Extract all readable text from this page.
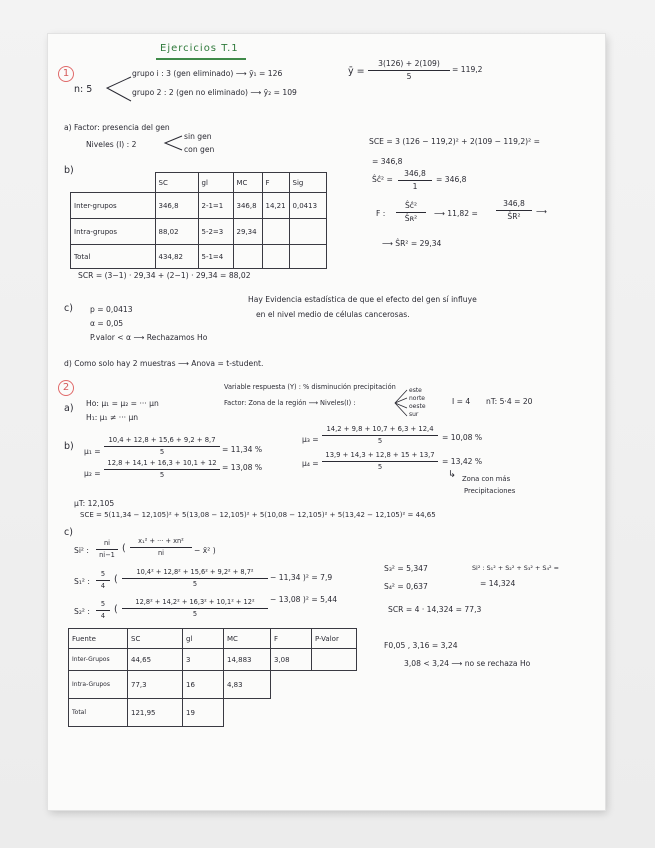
Ejercicios T.1
1
n: 5
grupo i : 3 (gen eliminado) ⟶ ȳ₁ = 126
grupo 2 : 2 (gen no eliminado) ⟶ ȳ₂ = 109
ȳ = $\frac{3(126) + 2(109)}{5} = 119,2$
a) Factor: presencia del gen
Niveles (I) : 2
sin gen
con gen
b)
	SC	gl	MC	F	Sig
Inter-grupos	346,8	2-1=1	346,8	14,21	0,0413
Intra-grupos	88,02	5-2=3	29,34		
Total	434,82	5-1=4			
SCE = 3 (126 − 119,2)² + 2(109 − 119,2)² =
= 346,8
Ŝĉ² = $\frac{346,8}{1} = 346,8$
F : $\frac{\text{Ŝĉ²}}{\text{Ŝʀ²}}$ ⟶ $11,82 = \frac{346,8}{\text{ŜR²}}$ ⟶
⟶ ŜR² = 29,34
SCR = (3−1) · 29,34 + (2−1) · 29,34 = 88,02
c) p = 0,0413
α = 0,05
P.valor < α ⟶ Rechazamos Ho
Hay Evidencia estadística de que el efecto del gen sí influye
en el nivel medio de células cancerosas.
d) Como solo hay 2 muestras ⟶ Anova = t-student.
2
a) Ho: μ₁ = μ₂ = ··· μn
H₁: μ₁ ≠ ··· μn
Variable respuesta (Y) : % disminución precipitación
Factor: Zona de la región ⟶ Niveles(I) :
este
norte
oeste
sur
I = 4 nT: 5·4 = 20
b) $\mu_1 = \frac{10,4 + 12,8 + 15,6 + 9,2 + 8,7}{5} = 11,34$ %
$\mu_3 = \frac{14,2 + 9,8 + 10,7 + 6,3 + 12,4}{5} = 10,08$ %
$\mu_2 = \frac{12,8 + 14,1 + 16,3 + 10,1 + 12}{5} = 13,08$ %	$\mu_4 = \frac{13,9 + 14,3 + 12,8 + 15 + 13,7}{5} = 13,42$ %
↳ Zona con más
Precipitaciones
μT: 12,105
c)
SCE = 5(11,34 − 12,105)² + 5(13,08 − 12,105)² + 5(10,08 − 12,105)² + 5(13,42 − 12,105)² = 44,65
Si² : $\frac{ni}{ni-1}$ ( $\frac{\text{x₁² + ··· + xn²}}{ni}$ − x̄² )
S₁² : $\frac{5}{4}$ ( $\frac{\text{10,4² + 12,8² + 15,6² + 9,2² + 8,7²}}{5} - 11,34$ )² = 7,9
S₂² : $\frac{5}{4}$ ( $\frac{\text{12,8² + 14,2² + 16,3² + 10,1² + 12²}}{5} - 13,08$ )² = 5,44
S₃² = 5,347
S₄² = 0,637
Si² : S₁² + S₂² + S₃² + S₄² =
= 14,324
SCR = 4 · 14,324 = 77,3
Fuente	SC	gl	MC	F	P-Valor
Inter-Grupos	44,65	3	14,883	3,08	
Intra-Grupos	77,3	16	4,83		
Total	121,95	19			
F0,05 , 3,16 = 3,24
3,08 < 3,24 ⟶ no se rechaza Ho
